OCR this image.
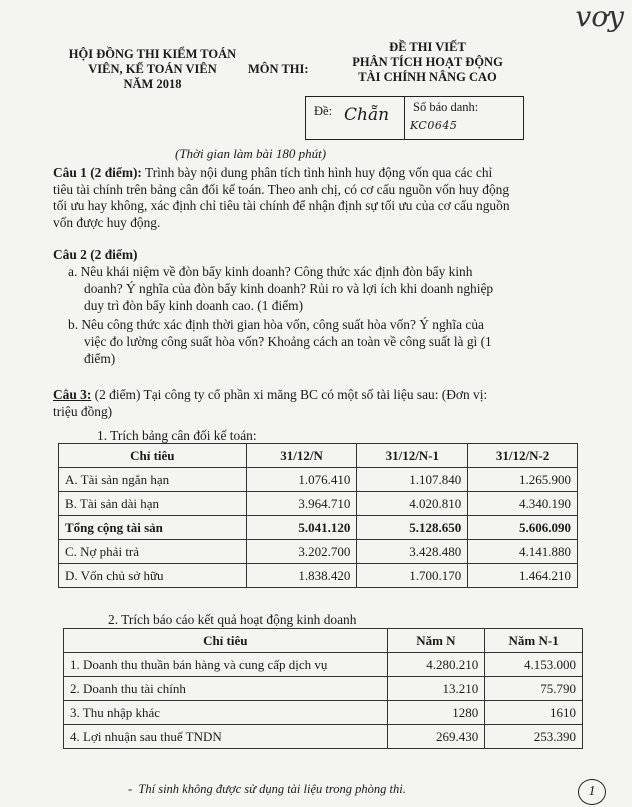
HỘI ĐỒNG THI KIỂM TOÁN
VIÊN, KẾ TOÁN VIÊN
NĂM 2018
MÔN THI:
ĐỀ THI VIẾT
PHÂN TÍCH HOẠT ĐỘNG
TÀI CHÍNH NÂNG CAO
vơy
Đề: Chẵn Số báo danh:
KC0645
(Thời gian làm bài 180 phút)
Câu 1 (2 điểm): Trình bày nội dung phân tích tình hình huy động vốn qua các chỉ
tiêu tài chính trên bảng cân đối kế toán. Theo anh chị, có cơ cấu nguồn vốn huy động
tối ưu hay không, xác định chỉ tiêu tài chính để nhận định sự tối ưu của cơ cấu nguồn
vốn được huy động.
Câu 2 (2 điểm)
a. Nêu khái niệm về đòn bẩy kinh doanh? Công thức xác định đòn bẩy kinh
doanh? Ý nghĩa của đòn bẩy kinh doanh? Rủi ro và lợi ích khi doanh nghiệp
duy trì đòn bẩy kinh doanh cao. (1 điểm)
b. Nêu công thức xác định thời gian hòa vốn, công suất hòa vốn? Ý nghĩa của
việc đo lường công suất hòa vốn? Khoảng cách an toàn về công suất là gì (1
điểm)
Câu 3: (2 điểm) Tại công ty cổ phần xi măng BC có một số tài liệu sau: (Đơn vị:
triệu đồng)
1. Trích bảng cân đối kế toán:
Chỉ tiêu	31/12/N	31/12/N-1	31/12/N-2
A. Tài sản ngắn hạn	1.076.410	1.107.840	1.265.900
B. Tài sản dài hạn	3.964.710	4.020.810	4.340.190
Tổng cộng tài sản	5.041.120	5.128.650	5.606.090
C. Nợ phải trả	3.202.700	3.428.480	4.141.880
D. Vốn chủ sở hữu	1.838.420	1.700.170	1.464.210
2. Trích báo cáo kết quả hoạt động kinh doanh
Chỉ tiêu	Năm N	Năm N-1
1. Doanh thu thuần bán hàng và cung cấp dịch vụ	4.280.210	4.153.000
2. Doanh thu tài chính	13.210	75.790
3. Thu nhập khác	1280	1610
4. Lợi nhuận sau thuế TNDN	269.430	253.390
-  Thí sinh không được sử dụng tài liệu trong phòng thi.	1
